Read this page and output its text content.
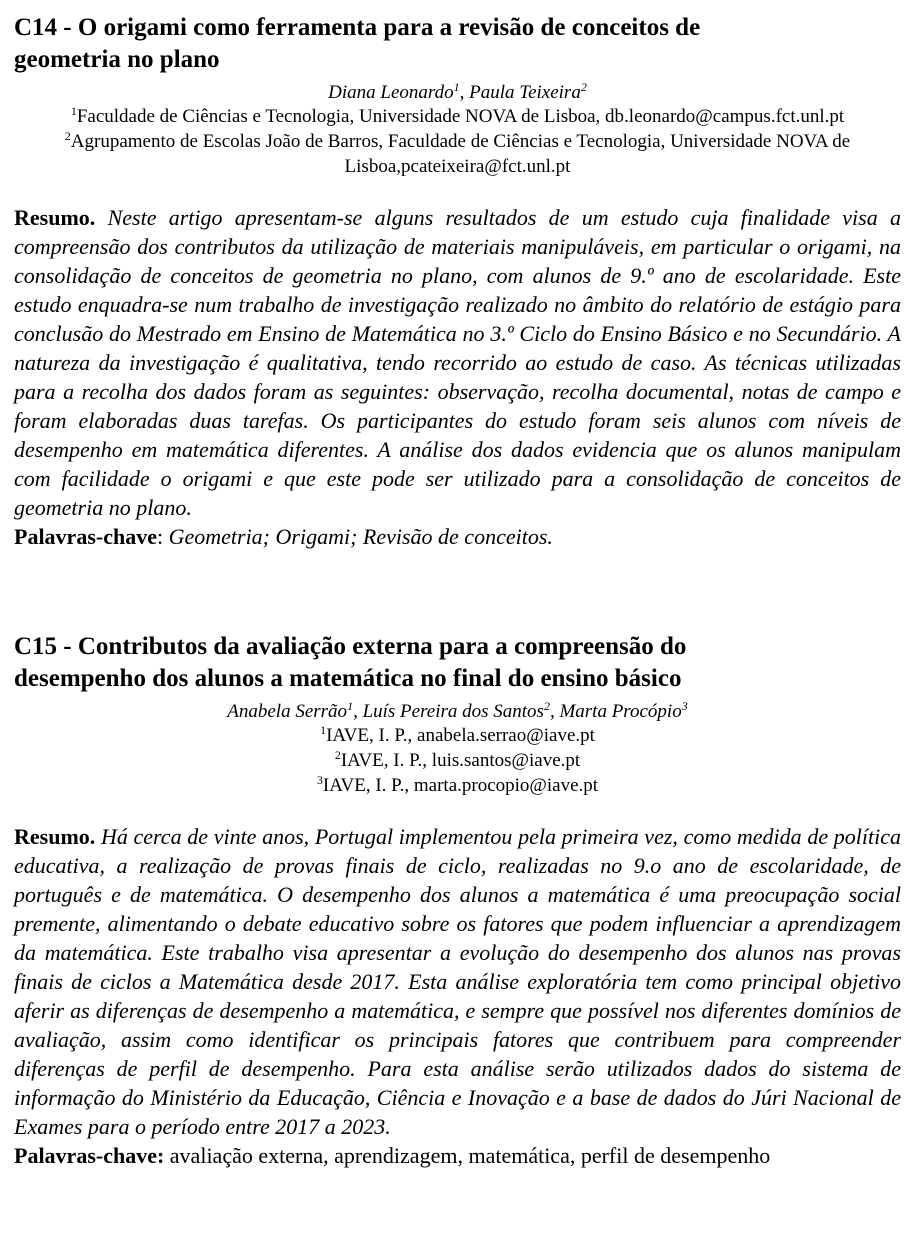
C14 - O origami como ferramenta para a revisão de conceitos de
geometria no plano
Diana Leonardo$^1$, Paula Teixeira$^2$
$^1$Faculdade de Ciências e Tecnologia, Universidade NOVA de Lisboa, db.leonardo@campus.fct.unl.pt
$^2$Agrupamento de Escolas João de Barros, Faculdade de Ciências e Tecnologia, Universidade NOVA de
Lisboa,pcateixeira@fct.unl.pt

Resumo. Neste artigo apresentam-se alguns resultados de um estudo cuja finalidade visa a compreensão dos contributos da utilização de materiais manipuláveis, em particular o origami, na consolidação de conceitos de geometria no plano, com alunos de 9.º ano de escolaridade. Este estudo enquadra-se num trabalho de investigação realizado no âmbito do relatório de estágio para conclusão do Mestrado em Ensino de Matemática no 3.º Ciclo do Ensino Básico e no Secundário. A natureza da investigação é qualitativa, tendo recorrido ao estudo de caso. As técnicas utilizadas para a recolha dos dados foram as seguintes: observação, recolha documental, notas de campo e foram elaboradas duas tarefas. Os participantes do estudo foram seis alunos com níveis de desempenho em matemática diferentes. A análise dos dados evidencia que os alunos manipulam com facilidade o origami e que este pode ser utilizado para a consolidação de conceitos de geometria no plano.

Palavras-chave: Geometria; Origami; Revisão de conceitos.

C15 - Contributos da avaliação externa para a compreensão do
desempenho dos alunos a matemática no final do ensino básico
Anabela Serrão$^1$, Luís Pereira dos Santos$^2$, Marta Procópio$^3$
$^1$IAVE, I. P., anabela.serrao@iave.pt
$^2$IAVE, I. P., luis.santos@iave.pt
$^3$IAVE, I. P., marta.procopio@iave.pt

Resumo. Há cerca de vinte anos, Portugal implementou pela primeira vez, como medida de política educativa, a realização de provas finais de ciclo, realizadas no 9.o ano de escolaridade, de português e de matemática. O desempenho dos alunos a matemática é uma preocupação social premente, alimentando o debate educativo sobre os fatores que podem influenciar a aprendizagem da matemática. Este trabalho visa apresentar a evolução do desempenho dos alunos nas provas finais de ciclos a Matemática desde 2017. Esta análise exploratória tem como principal objetivo aferir as diferenças de desempenho a matemática, e sempre que possível nos diferentes domínios de avaliação, assim como identificar os principais fatores que contribuem para compreender diferenças de perfil de desempenho. Para esta análise serão utilizados dados do sistema de informação do Ministério da Educação, Ciência e Inovação e a base de dados do Júri Nacional de Exames para o período entre 2017 a 2023.

Palavras-chave: avaliação externa, aprendizagem, matemática, perfil de desempenho
